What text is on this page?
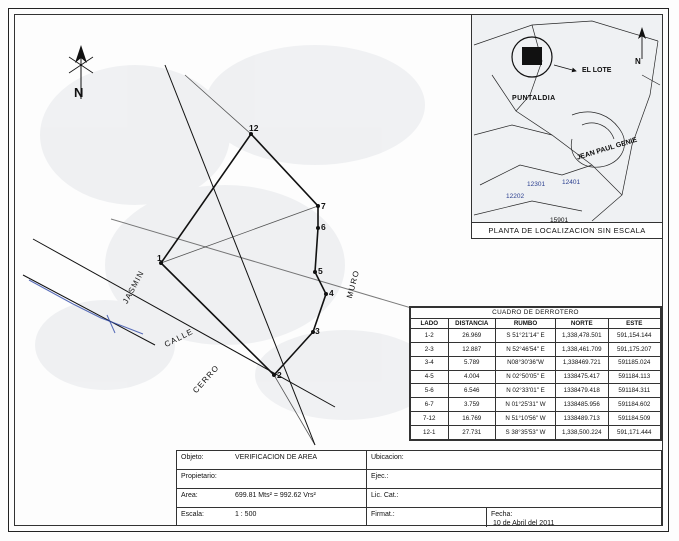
N
12
7
6
5
4
3
2
1
JASMIN
CALLE
CERRO
MURO
N
EL LOTE
PUNTALDIA
JEAN PAUL GENIE
12301	12401
12202
15901
PLANTA DE LOCALIZACION SIN ESCALA
CUADRO DE DERROTERO				
LADO	DISTANCIA	RUMBO	NORTE	ESTE
1-2	26.969	S 51°21'14" E	1,338,478.501	591,154.144
2-3	12.887	N 52°46'54" E	1,338,461.709	591,175.207
3-4	5.789	N08°30'36"W	1,338469.721	591185.024
4-5	4.004	N 02°50'05" E	1338475.417	591184.113
5-6	6.546	N 02°33'01" E	1338479.418	591184.311
6-7	3.759	N 01°25'31" W	1338485.956	591184.602
7-12	16.769	N 51°10'56" W	1338489.713	591184.509
12-1	27.731	S 38°35'53" W	1,338,500.224	591,171.444
Objeto:	VERIFICACION DE AREA
Propietario:
Area:	699.81 Mts² = 992.62 Vrs²
Escala:	1 : 500
Ubicacion:
Ejec.:
Lic. Cat.:
Firmat.:	Fecha:
10 de Abril del 2011
